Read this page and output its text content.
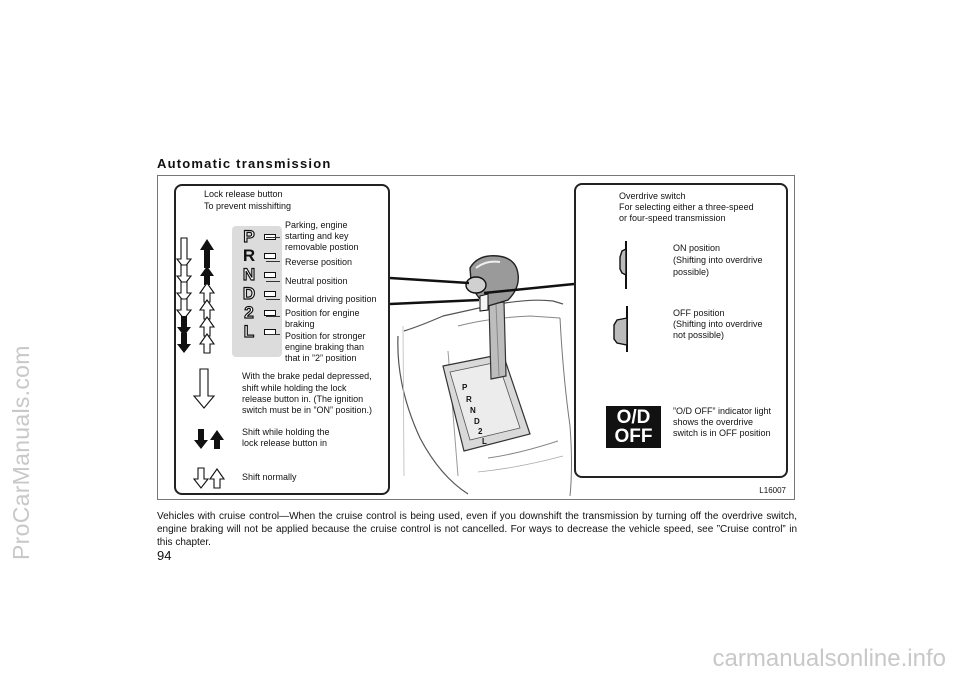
ProCarManuals.com
carmanualsonline.info
Automatic transmission
P
R
N
D
2
L
Lock release button
To prevent misshifting
P
R
N
D
2
L
Parking, engine
starting and key
removable postion
Reverse position
Neutral position
Normal driving position
Position for engine
braking
Position for stronger
engine braking than
that in ”2” position
With the brake pedal depressed,
shift while holding the lock
release button in. (The ignition
switch must be in ”ON” position.)
Shift while holding the
lock release button in
Shift normally
Overdrive switch
For selecting either a three-speed
or four-speed transmission
ON position
(Shifting into overdrive
possible)
OFF position
(Shifting into overdrive
not possible)
O/D
OFF
”O/D OFF” indicator light
shows the overdrive
switch is in OFF position
L16007
Vehicles with cruise control—When the cruise control is being used, even if you downshift the transmission by turning off the overdrive switch, engine braking will not be applied because the cruise control is not cancelled. For ways to decrease the vehicle speed, see ”Cruise control” in this chapter.
94
